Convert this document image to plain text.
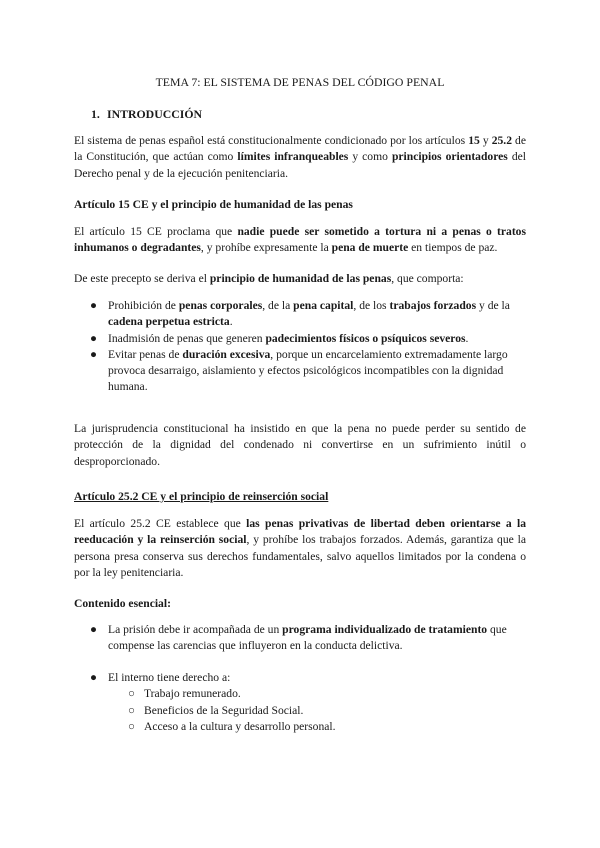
TEMA 7: EL SISTEMA DE PENAS DEL CÓDIGO PENAL
1. INTRODUCCIÓN

El sistema de penas español está constitucionalmente condicionado por los artículos 15 y 25.2 de la Constitución, que actúan como límites infranqueables y como principios orientadores del Derecho penal y de la ejecución penitenciaria.

Artículo 15 CE y el principio de humanidad de las penas

El artículo 15 CE proclama que nadie puede ser sometido a tortura ni a penas o tratos inhumanos o degradantes, y prohíbe expresamente la pena de muerte en tiempos de paz.

De este precepto se deriva el principio de humanidad de las penas, que comporta:

● Prohibición de penas corporales, de la pena capital, de los trabajos forzados y de la cadena perpetua estricta.
● Inadmisión de penas que generen padecimientos físicos o psíquicos severos.
● Evitar penas de duración excesiva, porque un encarcelamiento extremadamente largo provoca desarraigo, aislamiento y efectos psicológicos incompatibles con la dignidad humana.

La jurisprudencia constitucional ha insistido en que la pena no puede perder su sentido de protección de la dignidad del condenado ni convertirse en un sufrimiento inútil o desproporcionado.

Artículo 25.2 CE y el principio de reinserción social

El artículo 25.2 CE establece que las penas privativas de libertad deben orientarse a la reeducación y la reinserción social, y prohíbe los trabajos forzados. Además, garantiza que la persona presa conserva sus derechos fundamentales, salvo aquellos limitados por la condena o por la ley penitenciaria.

Contenido esencial:
● La prisión debe ir acompañada de un programa individualizado de tratamiento que compense las carencias que influyeron en la conducta delictiva.
● El interno tiene derecho a:
○ Trabajo remunerado.
○ Beneficios de la Seguridad Social.
○ Acceso a la cultura y desarrollo personal.
